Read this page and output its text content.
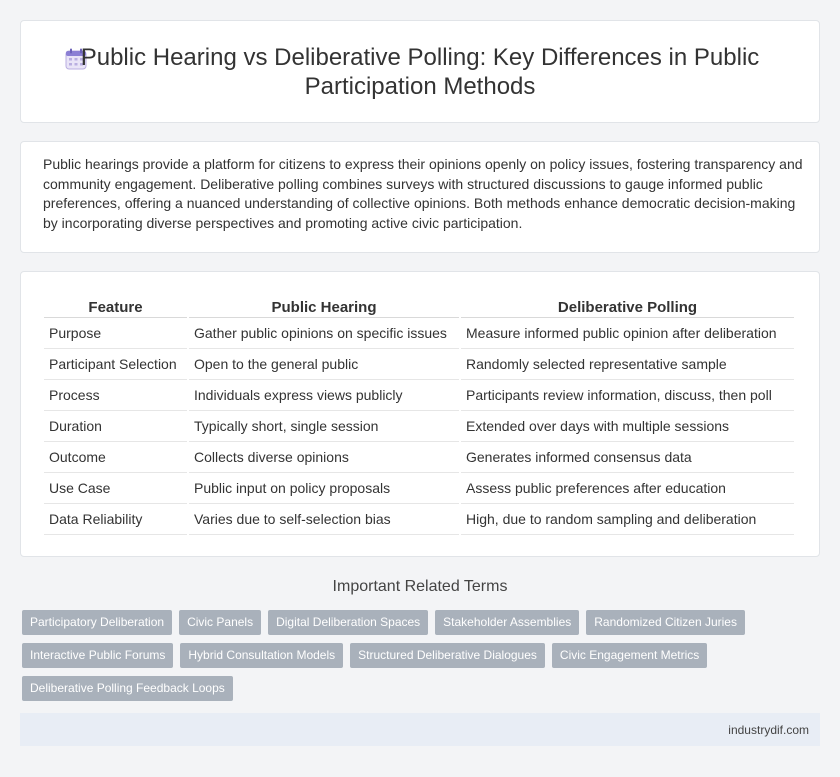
Public Hearing vs Deliberative Polling: Key Differences in Public Participation Methods

Public hearings provide a platform for citizens to express their opinions openly on policy issues, fostering transparency and community engagement. Deliberative polling combines surveys with structured discussions to gauge informed public preferences, offering a nuanced understanding of collective opinions. Both methods enhance democratic decision-making by incorporating diverse perspectives and promoting active civic participation.

Feature	Public Hearing	Deliberative Polling
Purpose	Gather public opinions on specific issues	Measure informed public opinion after deliberation
Participant Selection	Open to the general public	Randomly selected representative sample
Process	Individuals express views publicly	Participants review information, discuss, then poll
Duration	Typically short, single session	Extended over days with multiple sessions
Outcome	Collects diverse opinions	Generates informed consensus data
Use Case	Public input on policy proposals	Assess public preferences after education
Data Reliability	Varies due to self-selection bias	High, due to random sampling and deliberation
Important Related Terms
Participatory Deliberation	Civic Panels	Digital Deliberation Spaces	Stakeholder Assemblies	Randomized Citizen Juries
Interactive Public Forums	Hybrid Consultation Models	Structured Deliberative Dialogues	Civic Engagement Metrics
Deliberative Polling Feedback Loops
industrydif.com
